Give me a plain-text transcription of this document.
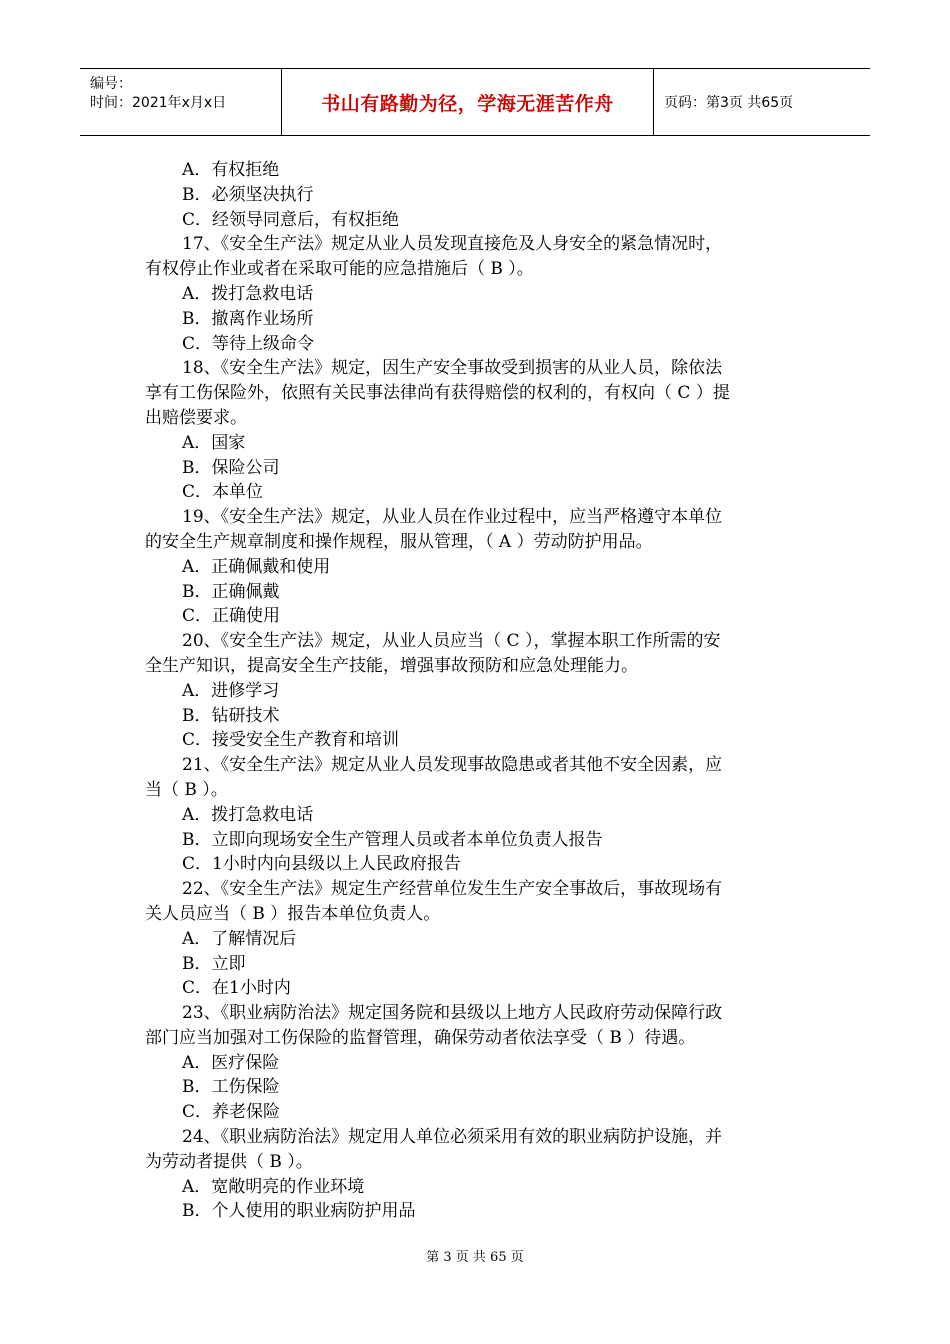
编号：
时间：2021年x月x日	书山有路勤为径，学海无涯苦作舟	页码：第3页 共65页
A．有权拒绝
B．必须坚决执行
C．经领导同意后，有权拒绝
17、《安全生产法》规定从业人员发现直接危及人身安全的紧急情况时，
有权停止作业或者在采取可能的应急措施后（ B ）。
A．拨打急救电话
B．撤离作业场所
C．等待上级命令
18、《安全生产法》规定，因生产安全事故受到损害的从业人员，除依法
享有工伤保险外，依照有关民事法律尚有获得赔偿的权利的，有权向（ C ）提
出赔偿要求。
A．国家
B．保险公司
C．本单位
19、《安全生产法》规定，从业人员在作业过程中，应当严格遵守本单位
的安全生产规章制度和操作规程，服从管理，（ A ）劳动防护用品。
A．正确佩戴和使用
B．正确佩戴
C．正确使用
20、《安全生产法》规定，从业人员应当（ C ），掌握本职工作所需的安
全生产知识，提高安全生产技能，增强事故预防和应急处理能力。
A．进修学习
B．钻研技术
C．接受安全生产教育和培训
21、《安全生产法》规定从业人员发现事故隐患或者其他不安全因素，应
当（ B ）。
A．拨打急救电话
B．立即向现场安全生产管理人员或者本单位负责人报告
C．1小时内向县级以上人民政府报告
22、《安全生产法》规定生产经营单位发生生产安全事故后，事故现场有
关人员应当（ B ）报告本单位负责人。
A．了解情况后
B．立即
C．在1小时内
23、《职业病防治法》规定国务院和县级以上地方人民政府劳动保障行政
部门应当加强对工伤保险的监督管理，确保劳动者依法享受（ B ）待遇。
A．医疗保险
B．工伤保险
C．养老保险
24、《职业病防治法》规定用人单位必须采用有效的职业病防护设施，并
为劳动者提供（ B ）。
A．宽敞明亮的作业环境
B．个人使用的职业病防护用品
第 3 页 共 65 页
